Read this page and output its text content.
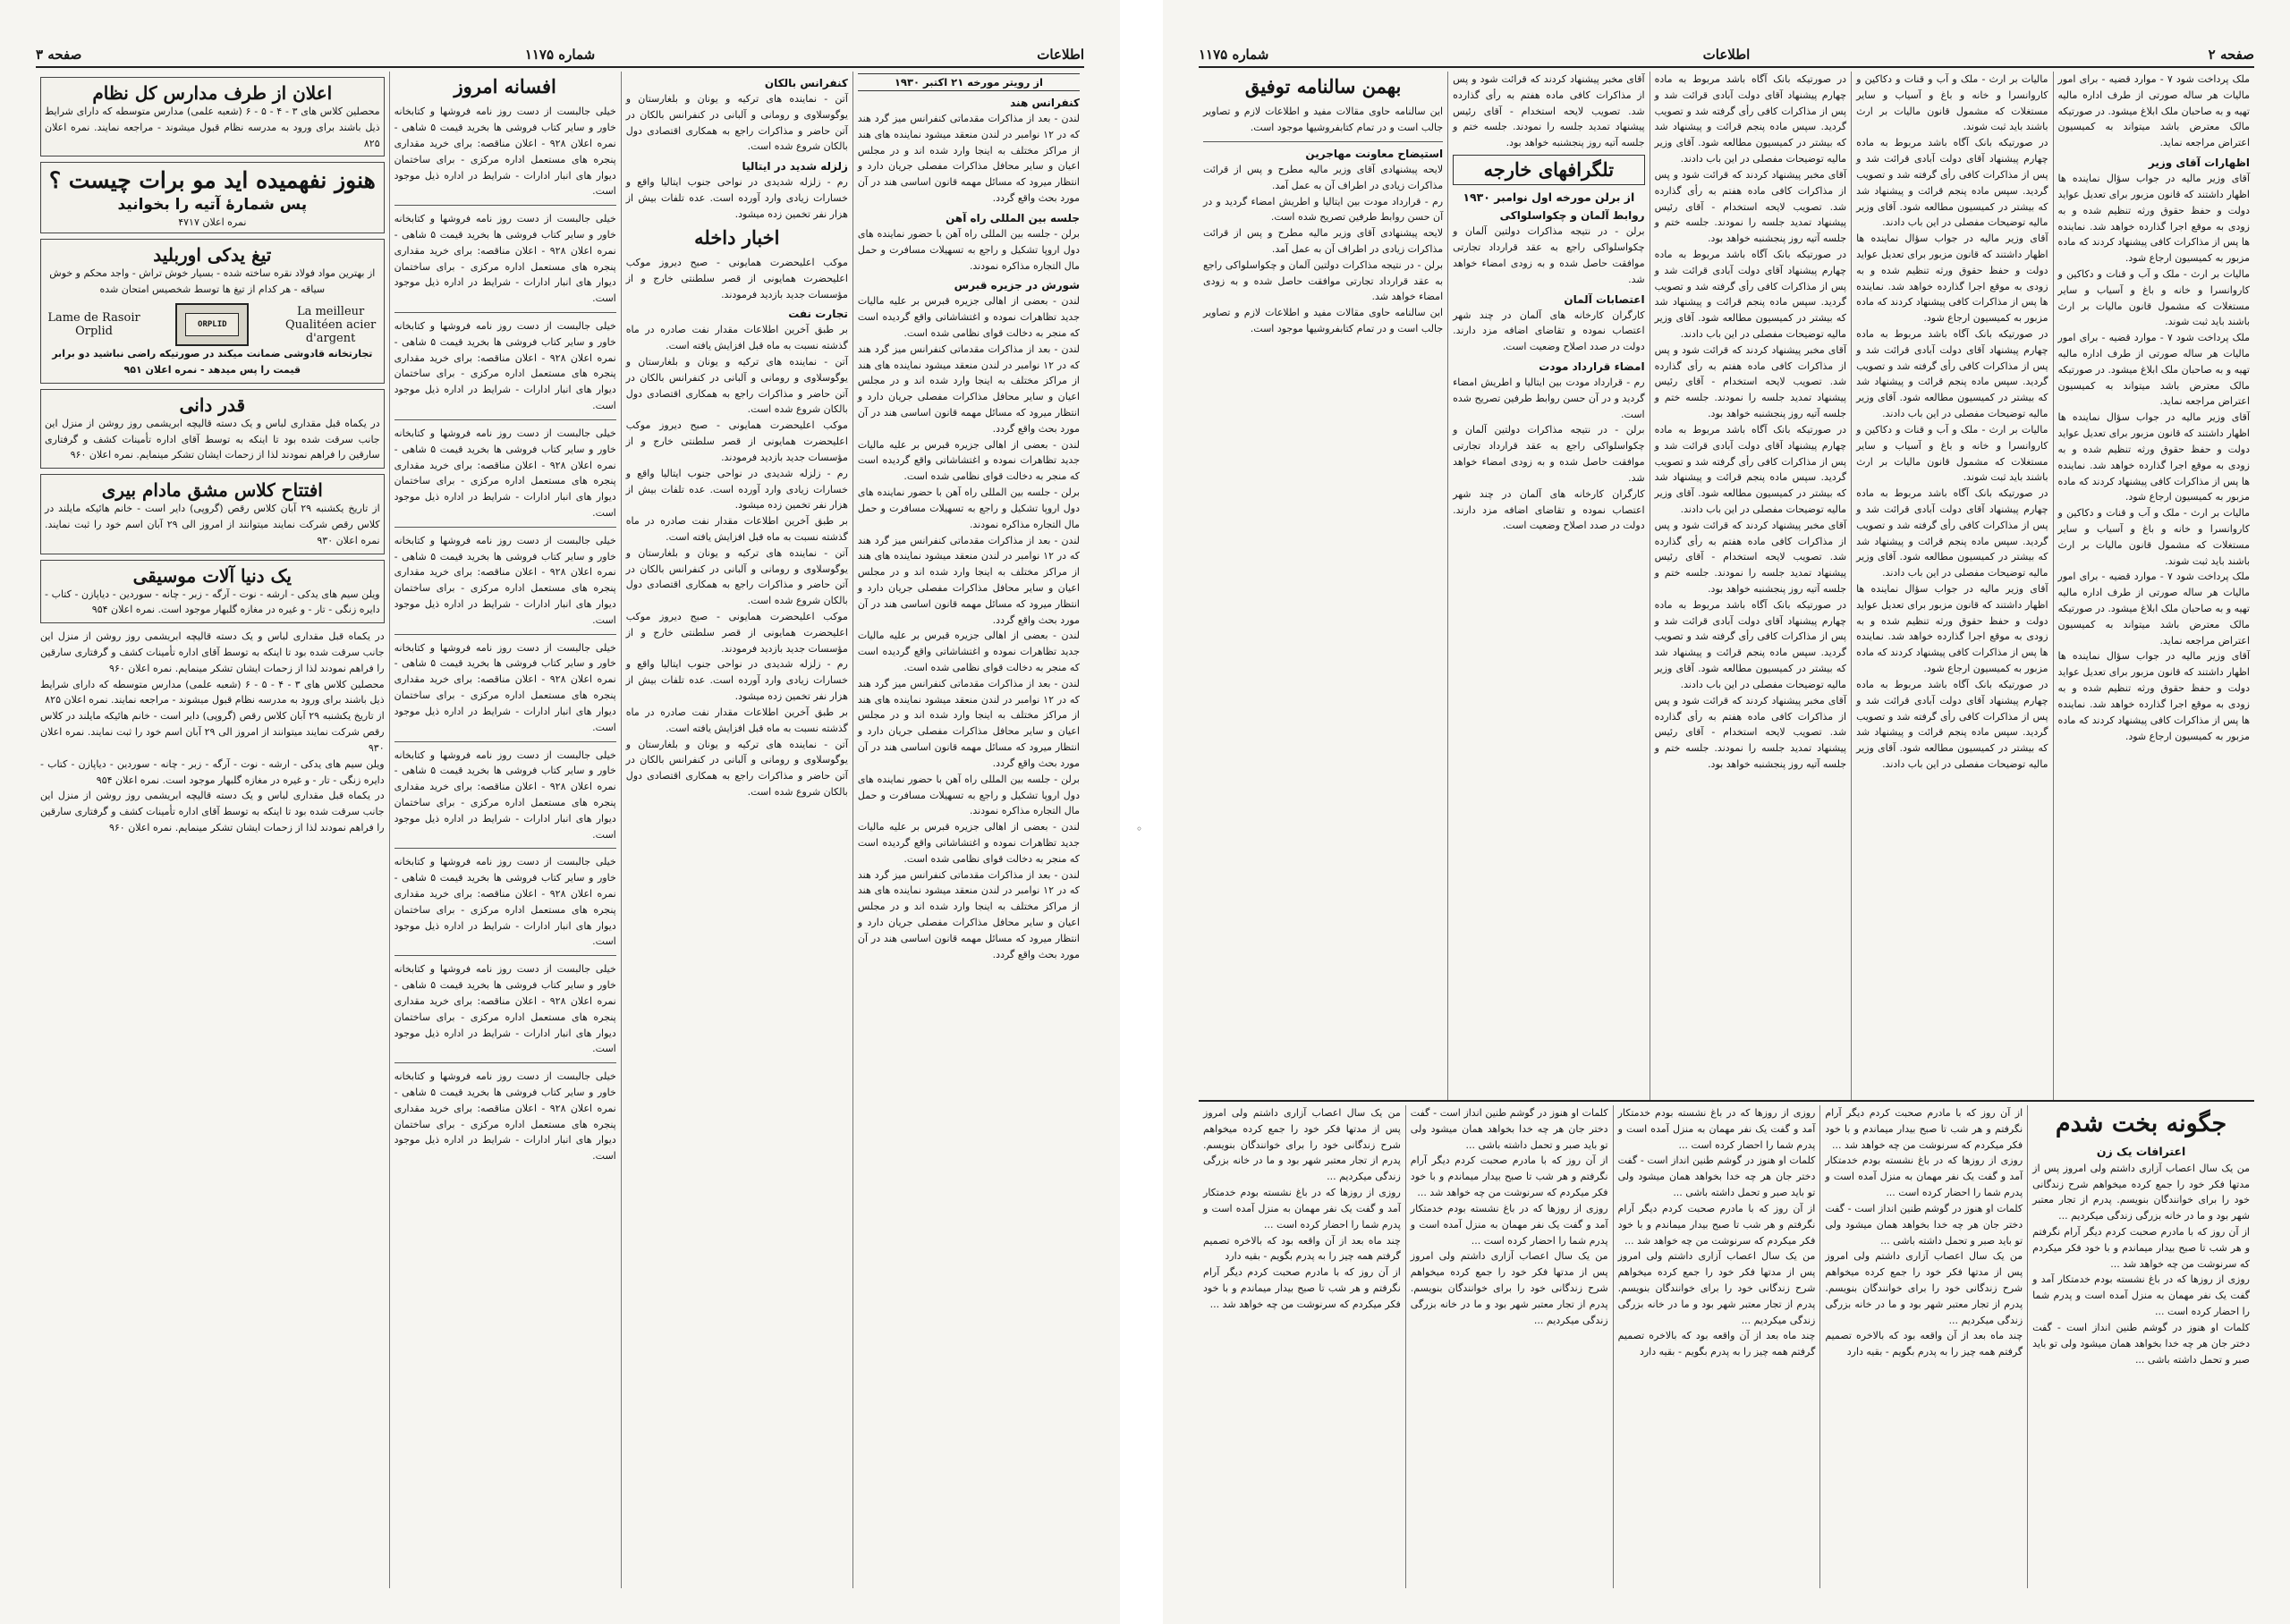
اطلاعات
شماره ۱۱۷۵
صفحه ۳
از رویتر مورخه ۲۱ اکتبر ۱۹۳۰
کنفرانس هند

لندن - بعد از مذاکرات مقدماتی کنفرانس میز گرد هند که در ۱۲ نوامبر در لندن منعقد میشود نماینده های هند از مراکز مختلف به اینجا وارد شده اند و در مجلس اعیان و سایر محافل مذاکرات مفصلی جریان دارد و انتظار میرود که مسائل مهمه قانون اساسی هند در آن مورد بحث واقع گردد.

جلسه بین المللی راه آهن

برلن - جلسه بین المللی راه آهن با حضور نماینده های دول اروپا تشکیل و راجع به تسهیلات مسافرت و حمل مال التجاره مذاکره نمودند.

شورش در جزیره قبرس

لندن - بعضی از اهالی جزیره قبرس بر علیه مالیات جدید تظاهرات نموده و اغتشاشاتی واقع گردیده است که منجر به دخالت قوای نظامی شده است.

لندن - بعد از مذاکرات مقدماتی کنفرانس میز گرد هند که در ۱۲ نوامبر در لندن منعقد میشود نماینده های هند از مراکز مختلف به اینجا وارد شده اند و در مجلس اعیان و سایر محافل مذاکرات مفصلی جریان دارد و انتظار میرود که مسائل مهمه قانون اساسی هند در آن مورد بحث واقع گردد.

لندن - بعضی از اهالی جزیره قبرس بر علیه مالیات جدید تظاهرات نموده و اغتشاشاتی واقع گردیده است که منجر به دخالت قوای نظامی شده است.

برلن - جلسه بین المللی راه آهن با حضور نماینده های دول اروپا تشکیل و راجع به تسهیلات مسافرت و حمل مال التجاره مذاکره نمودند.

لندن - بعد از مذاکرات مقدماتی کنفرانس میز گرد هند که در ۱۲ نوامبر در لندن منعقد میشود نماینده های هند از مراکز مختلف به اینجا وارد شده اند و در مجلس اعیان و سایر محافل مذاکرات مفصلی جریان دارد و انتظار میرود که مسائل مهمه قانون اساسی هند در آن مورد بحث واقع گردد.

لندن - بعضی از اهالی جزیره قبرس بر علیه مالیات جدید تظاهرات نموده و اغتشاشاتی واقع گردیده است که منجر به دخالت قوای نظامی شده است.

لندن - بعد از مذاکرات مقدماتی کنفرانس میز گرد هند که در ۱۲ نوامبر در لندن منعقد میشود نماینده های هند از مراکز مختلف به اینجا وارد شده اند و در مجلس اعیان و سایر محافل مذاکرات مفصلی جریان دارد و انتظار میرود که مسائل مهمه قانون اساسی هند در آن مورد بحث واقع گردد.

برلن - جلسه بین المللی راه آهن با حضور نماینده های دول اروپا تشکیل و راجع به تسهیلات مسافرت و حمل مال التجاره مذاکره نمودند.

لندن - بعضی از اهالی جزیره قبرس بر علیه مالیات جدید تظاهرات نموده و اغتشاشاتی واقع گردیده است که منجر به دخالت قوای نظامی شده است.

لندن - بعد از مذاکرات مقدماتی کنفرانس میز گرد هند که در ۱۲ نوامبر در لندن منعقد میشود نماینده های هند از مراکز مختلف به اینجا وارد شده اند و در مجلس اعیان و سایر محافل مذاکرات مفصلی جریان دارد و انتظار میرود که مسائل مهمه قانون اساسی هند در آن مورد بحث واقع گردد.

کنفرانس بالکان

آتن - نماینده های ترکیه و یونان و بلغارستان و یوگوسلاوی و رومانی و آلبانی در کنفرانس بالکان در آتن حاضر و مذاکرات راجع به همکاری اقتصادی دول بالکان شروع شده است.

زلزله شدید در ایتالیا

رم - زلزله شدیدی در نواحی جنوب ایتالیا واقع و خسارات زیادی وارد آورده است. عده تلفات بیش از هزار نفر تخمین زده میشود.

اخبار داخله

موکب اعلیحضرت همایونی - صبح دیروز موکب اعلیحضرت همایونی از قصر سلطنتی خارج و از مؤسسات جدید بازدید فرمودند.

تجارت نفت

بر طبق آخرین اطلاعات مقدار نفت صادره در ماه گذشته نسبت به ماه قبل افزایش یافته است.

آتن - نماینده های ترکیه و یونان و بلغارستان و یوگوسلاوی و رومانی و آلبانی در کنفرانس بالکان در آتن حاضر و مذاکرات راجع به همکاری اقتصادی دول بالکان شروع شده است.

موکب اعلیحضرت همایونی - صبح دیروز موکب اعلیحضرت همایونی از قصر سلطنتی خارج و از مؤسسات جدید بازدید فرمودند.

رم - زلزله شدیدی در نواحی جنوب ایتالیا واقع و خسارات زیادی وارد آورده است. عده تلفات بیش از هزار نفر تخمین زده میشود.

بر طبق آخرین اطلاعات مقدار نفت صادره در ماه گذشته نسبت به ماه قبل افزایش یافته است.

آتن - نماینده های ترکیه و یونان و بلغارستان و یوگوسلاوی و رومانی و آلبانی در کنفرانس بالکان در آتن حاضر و مذاکرات راجع به همکاری اقتصادی دول بالکان شروع شده است.

موکب اعلیحضرت همایونی - صبح دیروز موکب اعلیحضرت همایونی از قصر سلطنتی خارج و از مؤسسات جدید بازدید فرمودند.

رم - زلزله شدیدی در نواحی جنوب ایتالیا واقع و خسارات زیادی وارد آورده است. عده تلفات بیش از هزار نفر تخمین زده میشود.

بر طبق آخرین اطلاعات مقدار نفت صادره در ماه گذشته نسبت به ماه قبل افزایش یافته است.

آتن - نماینده های ترکیه و یونان و بلغارستان و یوگوسلاوی و رومانی و آلبانی در کنفرانس بالکان در آتن حاضر و مذاکرات راجع به همکاری اقتصادی دول بالکان شروع شده است.

افسانه امروز

خیلی جالبست از دست روز نامه فروشها و کتابخانه خاور و سایر کتاب فروشی ها بخرید قیمت ۵ شاهی - نمره اعلان ۹۲۸ - اعلان مناقصه: برای خرید مقداری پنجره های مستعمل اداره مرکزی - برای ساختمان دیوار های انبار ادارات - شرایط در اداره ذیل موجود است.

خیلی جالبست از دست روز نامه فروشها و کتابخانه خاور و سایر کتاب فروشی ها بخرید قیمت ۵ شاهی - نمره اعلان ۹۲۸ - اعلان مناقصه: برای خرید مقداری پنجره های مستعمل اداره مرکزی - برای ساختمان دیوار های انبار ادارات - شرایط در اداره ذیل موجود است.

خیلی جالبست از دست روز نامه فروشها و کتابخانه خاور و سایر کتاب فروشی ها بخرید قیمت ۵ شاهی - نمره اعلان ۹۲۸ - اعلان مناقصه: برای خرید مقداری پنجره های مستعمل اداره مرکزی - برای ساختمان دیوار های انبار ادارات - شرایط در اداره ذیل موجود است.

خیلی جالبست از دست روز نامه فروشها و کتابخانه خاور و سایر کتاب فروشی ها بخرید قیمت ۵ شاهی - نمره اعلان ۹۲۸ - اعلان مناقصه: برای خرید مقداری پنجره های مستعمل اداره مرکزی - برای ساختمان دیوار های انبار ادارات - شرایط در اداره ذیل موجود است.

خیلی جالبست از دست روز نامه فروشها و کتابخانه خاور و سایر کتاب فروشی ها بخرید قیمت ۵ شاهی - نمره اعلان ۹۲۸ - اعلان مناقصه: برای خرید مقداری پنجره های مستعمل اداره مرکزی - برای ساختمان دیوار های انبار ادارات - شرایط در اداره ذیل موجود است.

خیلی جالبست از دست روز نامه فروشها و کتابخانه خاور و سایر کتاب فروشی ها بخرید قیمت ۵ شاهی - نمره اعلان ۹۲۸ - اعلان مناقصه: برای خرید مقداری پنجره های مستعمل اداره مرکزی - برای ساختمان دیوار های انبار ادارات - شرایط در اداره ذیل موجود است.

خیلی جالبست از دست روز نامه فروشها و کتابخانه خاور و سایر کتاب فروشی ها بخرید قیمت ۵ شاهی - نمره اعلان ۹۲۸ - اعلان مناقصه: برای خرید مقداری پنجره های مستعمل اداره مرکزی - برای ساختمان دیوار های انبار ادارات - شرایط در اداره ذیل موجود است.

خیلی جالبست از دست روز نامه فروشها و کتابخانه خاور و سایر کتاب فروشی ها بخرید قیمت ۵ شاهی - نمره اعلان ۹۲۸ - اعلان مناقصه: برای خرید مقداری پنجره های مستعمل اداره مرکزی - برای ساختمان دیوار های انبار ادارات - شرایط در اداره ذیل موجود است.

خیلی جالبست از دست روز نامه فروشها و کتابخانه خاور و سایر کتاب فروشی ها بخرید قیمت ۵ شاهی - نمره اعلان ۹۲۸ - اعلان مناقصه: برای خرید مقداری پنجره های مستعمل اداره مرکزی - برای ساختمان دیوار های انبار ادارات - شرایط در اداره ذیل موجود است.

خیلی جالبست از دست روز نامه فروشها و کتابخانه خاور و سایر کتاب فروشی ها بخرید قیمت ۵ شاهی - نمره اعلان ۹۲۸ - اعلان مناقصه: برای خرید مقداری پنجره های مستعمل اداره مرکزی - برای ساختمان دیوار های انبار ادارات - شرایط در اداره ذیل موجود است.

اعلان از طرف مدارس کل نظام

محصلین کلاس های ۳ - ۴ - ۵ - ۶ (شعبه علمی) مدارس متوسطه که دارای شرایط ذیل باشند برای ورود به مدرسه نظام قبول میشوند - مراجعه نمایند. نمره اعلان ۸۲۵

هنوز نفهمیده اید مو برات چیست ؟
پس شمارهٔ آتیه را بخوانید
نمره اعلان ۴۷۱۷
تیغ یدکی اوربلید

از بهترین مواد فولاد نقره ساخته شده - بسیار خوش تراش - واجد محکم و خوش سیاقه - هر کدام از تیغ ها توسط شخصیس امتحان شده

Lame de Rasoir Orplid	ORPLID
La meilleur Qualitéen acier d'argent

تجارتخانه قادوشی ضمانت میکند در صورتیکه راضی نباشید دو برابر قیمت را پس میدهد - نمره اعلان ۹۵۱

قدر دانی

در یکماه قبل مقداری لباس و یک دسته قالیچه ابریشمی روز روشن از منزل این جانب سرقت شده بود تا اینکه به توسط آقای اداره تأمینات کشف و گرفتاری سارقین را فراهم نمودند لذا از زحمات ایشان تشکر مینمایم. نمره اعلان ۹۶۰

افتتاح کلاس مشق مادام بیری

از تاریخ یکشنبه ۲۹ آبان کلاس رقص (گروپی) دایر است - خانم هائیکه مایلند در کلاس رقص شرکت نمایند میتوانند از امروز الی ۲۹ آبان اسم خود را ثبت نمایند. نمره اعلان ۹۳۰

یک دنیا آلات موسیقی

ویلن سیم های یدکی - ارشه - نوت - آرگه - زبر - چانه - سوردین - دیاپازن - کتاب - دایره زنگی - تار - و غیره در مغازه گلبهار موجود است. نمره اعلان ۹۵۴

در یکماه قبل مقداری لباس و یک دسته قالیچه ابریشمی روز روشن از منزل این جانب سرقت شده بود تا اینکه به توسط آقای اداره تأمینات کشف و گرفتاری سارقین را فراهم نمودند لذا از زحمات ایشان تشکر مینمایم. نمره اعلان ۹۶۰

محصلین کلاس های ۳ - ۴ - ۵ - ۶ (شعبه علمی) مدارس متوسطه که دارای شرایط ذیل باشند برای ورود به مدرسه نظام قبول میشوند - مراجعه نمایند. نمره اعلان ۸۲۵

از تاریخ یکشنبه ۲۹ آبان کلاس رقص (گروپی) دایر است - خانم هائیکه مایلند در کلاس رقص شرکت نمایند میتوانند از امروز الی ۲۹ آبان اسم خود را ثبت نمایند. نمره اعلان ۹۳۰

ویلن سیم های یدکی - ارشه - نوت - آرگه - زبر - چانه - سوردین - دیاپازن - کتاب - دایره زنگی - تار - و غیره در مغازه گلبهار موجود است. نمره اعلان ۹۵۴

در یکماه قبل مقداری لباس و یک دسته قالیچه ابریشمی روز روشن از منزل این جانب سرقت شده بود تا اینکه به توسط آقای اداره تأمینات کشف و گرفتاری سارقین را فراهم نمودند لذا از زحمات ایشان تشکر مینمایم. نمره اعلان ۹۶۰	◦
صفحه ۲
اطلاعات
شماره ۱۱۷۵

ملک پرداخت شود ۷ - موارد قضیه - برای امور مالیات هر ساله صورتی از طرف اداره مالیه تهیه و به صاحبان ملک ابلاغ میشود. در صورتیکه مالک معترض باشد میتواند به کمیسیون اعتراض مراجعه نماید.

اظهارات آقای وزیر

آقای وزیر مالیه در جواب سؤال نماینده ها اظهار داشتند که قانون مزبور برای تعدیل عواید دولت و حفظ حقوق ورثه تنظیم شده و به زودی به موقع اجرا گذارده خواهد شد. نماینده ها پس از مذاکرات کافی پیشنهاد کردند که ماده مزبور به کمیسیون ارجاع شود.

مالیات بر ارث - ملک و آب و قنات و دکاکین و کاروانسرا و خانه و باغ و آسیاب و سایر مستغلات که مشمول قانون مالیات بر ارث باشند باید ثبت شوند.

ملک پرداخت شود ۷ - موارد قضیه - برای امور مالیات هر ساله صورتی از طرف اداره مالیه تهیه و به صاحبان ملک ابلاغ میشود. در صورتیکه مالک معترض باشد میتواند به کمیسیون اعتراض مراجعه نماید.

آقای وزیر مالیه در جواب سؤال نماینده ها اظهار داشتند که قانون مزبور برای تعدیل عواید دولت و حفظ حقوق ورثه تنظیم شده و به زودی به موقع اجرا گذارده خواهد شد. نماینده ها پس از مذاکرات کافی پیشنهاد کردند که ماده مزبور به کمیسیون ارجاع شود.

مالیات بر ارث - ملک و آب و قنات و دکاکین و کاروانسرا و خانه و باغ و آسیاب و سایر مستغلات که مشمول قانون مالیات بر ارث باشند باید ثبت شوند.

ملک پرداخت شود ۷ - موارد قضیه - برای امور مالیات هر ساله صورتی از طرف اداره مالیه تهیه و به صاحبان ملک ابلاغ میشود. در صورتیکه مالک معترض باشد میتواند به کمیسیون اعتراض مراجعه نماید.

آقای وزیر مالیه در جواب سؤال نماینده ها اظهار داشتند که قانون مزبور برای تعدیل عواید دولت و حفظ حقوق ورثه تنظیم شده و به زودی به موقع اجرا گذارده خواهد شد. نماینده ها پس از مذاکرات کافی پیشنهاد کردند که ماده مزبور به کمیسیون ارجاع شود.

مالیات بر ارث - ملک و آب و قنات و دکاکین و کاروانسرا و خانه و باغ و آسیاب و سایر مستغلات که مشمول قانون مالیات بر ارث باشند باید ثبت شوند.

در صورتیکه بانک آگاه باشد مربوط به ماده چهارم پیشنهاد آقای دولت آبادی قرائت شد و پس از مذاکرات کافی رأی گرفته شد و تصویب گردید. سپس ماده پنجم قرائت و پیشنهاد شد که بیشتر در کمیسیون مطالعه شود. آقای وزیر مالیه توضیحات مفصلی در این باب دادند.

آقای وزیر مالیه در جواب سؤال نماینده ها اظهار داشتند که قانون مزبور برای تعدیل عواید دولت و حفظ حقوق ورثه تنظیم شده و به زودی به موقع اجرا گذارده خواهد شد. نماینده ها پس از مذاکرات کافی پیشنهاد کردند که ماده مزبور به کمیسیون ارجاع شود.

در صورتیکه بانک آگاه باشد مربوط به ماده چهارم پیشنهاد آقای دولت آبادی قرائت شد و پس از مذاکرات کافی رأی گرفته شد و تصویب گردید. سپس ماده پنجم قرائت و پیشنهاد شد که بیشتر در کمیسیون مطالعه شود. آقای وزیر مالیه توضیحات مفصلی در این باب دادند.

مالیات بر ارث - ملک و آب و قنات و دکاکین و کاروانسرا و خانه و باغ و آسیاب و سایر مستغلات که مشمول قانون مالیات بر ارث باشند باید ثبت شوند.

در صورتیکه بانک آگاه باشد مربوط به ماده چهارم پیشنهاد آقای دولت آبادی قرائت شد و پس از مذاکرات کافی رأی گرفته شد و تصویب گردید. سپس ماده پنجم قرائت و پیشنهاد شد که بیشتر در کمیسیون مطالعه شود. آقای وزیر مالیه توضیحات مفصلی در این باب دادند.

آقای وزیر مالیه در جواب سؤال نماینده ها اظهار داشتند که قانون مزبور برای تعدیل عواید دولت و حفظ حقوق ورثه تنظیم شده و به زودی به موقع اجرا گذارده خواهد شد. نماینده ها پس از مذاکرات کافی پیشنهاد کردند که ماده مزبور به کمیسیون ارجاع شود.

در صورتیکه بانک آگاه باشد مربوط به ماده چهارم پیشنهاد آقای دولت آبادی قرائت شد و پس از مذاکرات کافی رأی گرفته شد و تصویب گردید. سپس ماده پنجم قرائت و پیشنهاد شد که بیشتر در کمیسیون مطالعه شود. آقای وزیر مالیه توضیحات مفصلی در این باب دادند.

در صورتیکه بانک آگاه باشد مربوط به ماده چهارم پیشنهاد آقای دولت آبادی قرائت شد و پس از مذاکرات کافی رأی گرفته شد و تصویب گردید. سپس ماده پنجم قرائت و پیشنهاد شد که بیشتر در کمیسیون مطالعه شود. آقای وزیر مالیه توضیحات مفصلی در این باب دادند.

آقای مخبر پیشنهاد کردند که قرائت شود و پس از مذاکرات کافی ماده هفتم به رأی گذارده شد. تصویب لایحه استخدام - آقای رئیس پیشنهاد تمدید جلسه را نمودند. جلسه ختم و جلسه آتیه روز پنجشنبه خواهد بود.

در صورتیکه بانک آگاه باشد مربوط به ماده چهارم پیشنهاد آقای دولت آبادی قرائت شد و پس از مذاکرات کافی رأی گرفته شد و تصویب گردید. سپس ماده پنجم قرائت و پیشنهاد شد که بیشتر در کمیسیون مطالعه شود. آقای وزیر مالیه توضیحات مفصلی در این باب دادند.

آقای مخبر پیشنهاد کردند که قرائت شود و پس از مذاکرات کافی ماده هفتم به رأی گذارده شد. تصویب لایحه استخدام - آقای رئیس پیشنهاد تمدید جلسه را نمودند. جلسه ختم و جلسه آتیه روز پنجشنبه خواهد بود.

در صورتیکه بانک آگاه باشد مربوط به ماده چهارم پیشنهاد آقای دولت آبادی قرائت شد و پس از مذاکرات کافی رأی گرفته شد و تصویب گردید. سپس ماده پنجم قرائت و پیشنهاد شد که بیشتر در کمیسیون مطالعه شود. آقای وزیر مالیه توضیحات مفصلی در این باب دادند.

آقای مخبر پیشنهاد کردند که قرائت شود و پس از مذاکرات کافی ماده هفتم به رأی گذارده شد. تصویب لایحه استخدام - آقای رئیس پیشنهاد تمدید جلسه را نمودند. جلسه ختم و جلسه آتیه روز پنجشنبه خواهد بود.

در صورتیکه بانک آگاه باشد مربوط به ماده چهارم پیشنهاد آقای دولت آبادی قرائت شد و پس از مذاکرات کافی رأی گرفته شد و تصویب گردید. سپس ماده پنجم قرائت و پیشنهاد شد که بیشتر در کمیسیون مطالعه شود. آقای وزیر مالیه توضیحات مفصلی در این باب دادند.

آقای مخبر پیشنهاد کردند که قرائت شود و پس از مذاکرات کافی ماده هفتم به رأی گذارده شد. تصویب لایحه استخدام - آقای رئیس پیشنهاد تمدید جلسه را نمودند. جلسه ختم و جلسه آتیه روز پنجشنبه خواهد بود.

آقای مخبر پیشنهاد کردند که قرائت شود و پس از مذاکرات کافی ماده هفتم به رأی گذارده شد. تصویب لایحه استخدام - آقای رئیس پیشنهاد تمدید جلسه را نمودند. جلسه ختم و جلسه آتیه روز پنجشنبه خواهد بود.

تلگرافهای خارجه
از برلن مورخه اول نوامبر ۱۹۳۰
روابط آلمان و چکواسلواکی

برلن - در نتیجه مذاکرات دولتین آلمان و چکواسلواکی راجع به عقد قرارداد تجارتی موافقت حاصل شده و به زودی امضاء خواهد شد.

اعتصابات آلمان

کارگران کارخانه های آلمان در چند شهر اعتصاب نموده و تقاضای اضافه مزد دارند. دولت در صدد اصلاح وضعیت است.

امضاء قرارداد مودت

رم - قرارداد مودت بین ایتالیا و اطریش امضاء گردید و در آن حسن روابط طرفین تصریح شده است.

برلن - در نتیجه مذاکرات دولتین آلمان و چکواسلواکی راجع به عقد قرارداد تجارتی موافقت حاصل شده و به زودی امضاء خواهد شد.

کارگران کارخانه های آلمان در چند شهر اعتصاب نموده و تقاضای اضافه مزد دارند. دولت در صدد اصلاح وضعیت است.

بهمن سالنامه توفیق

این سالنامه حاوی مقالات مفید و اطلاعات لازم و تصاویر جالب است و در تمام کتابفروشیها موجود است.

استیضاح معاونت مهاجرین

لایحه پیشنهادی آقای وزیر مالیه مطرح و پس از قرائت مذاکرات زیادی در اطراف آن به عمل آمد.

رم - قرارداد مودت بین ایتالیا و اطریش امضاء گردید و در آن حسن روابط طرفین تصریح شده است.

لایحه پیشنهادی آقای وزیر مالیه مطرح و پس از قرائت مذاکرات زیادی در اطراف آن به عمل آمد.

برلن - در نتیجه مذاکرات دولتین آلمان و چکواسلواکی راجع به عقد قرارداد تجارتی موافقت حاصل شده و به زودی امضاء خواهد شد.

این سالنامه حاوی مقالات مفید و اطلاعات لازم و تصاویر جالب است و در تمام کتابفروشیها موجود است.

جگونه بخت شدم
اعترافات یک زن

من یک سال اعصاب آزاری داشتم ولی امروز پس از مدتها فکر خود را جمع کرده میخواهم شرح زندگانی خود را برای خوانندگان بنویسم. پدرم از تجار معتبر شهر بود و ما در خانه بزرگی زندگی میکردیم ...

از آن روز که با مادرم صحبت کردم دیگر آرام نگرفتم و هر شب تا صبح بیدار میماندم و با خود فکر میکردم که سرنوشت من چه خواهد شد ...

روزی از روزها که در باغ نشسته بودم خدمتکار آمد و گفت یک نفر مهمان به منزل آمده است و پدرم شما را احضار کرده است ...

کلمات او هنوز در گوشم طنین انداز است - گفت دختر جان هر چه خدا بخواهد همان میشود ولی تو باید صبر و تحمل داشته باشی ...

از آن روز که با مادرم صحبت کردم دیگر آرام نگرفتم و هر شب تا صبح بیدار میماندم و با خود فکر میکردم که سرنوشت من چه خواهد شد ...

روزی از روزها که در باغ نشسته بودم خدمتکار آمد و گفت یک نفر مهمان به منزل آمده است و پدرم شما را احضار کرده است ...

کلمات او هنوز در گوشم طنین انداز است - گفت دختر جان هر چه خدا بخواهد همان میشود ولی تو باید صبر و تحمل داشته باشی ...

من یک سال اعصاب آزاری داشتم ولی امروز پس از مدتها فکر خود را جمع کرده میخواهم شرح زندگانی خود را برای خوانندگان بنویسم. پدرم از تجار معتبر شهر بود و ما در خانه بزرگی زندگی میکردیم ...

چند ماه بعد از آن واقعه بود که بالاخره تصمیم گرفتم همه چیز را به پدرم بگویم - بقیه دارد

روزی از روزها که در باغ نشسته بودم خدمتکار آمد و گفت یک نفر مهمان به منزل آمده است و پدرم شما را احضار کرده است ...

کلمات او هنوز در گوشم طنین انداز است - گفت دختر جان هر چه خدا بخواهد همان میشود ولی تو باید صبر و تحمل داشته باشی ...

از آن روز که با مادرم صحبت کردم دیگر آرام نگرفتم و هر شب تا صبح بیدار میماندم و با خود فکر میکردم که سرنوشت من چه خواهد شد ...

من یک سال اعصاب آزاری داشتم ولی امروز پس از مدتها فکر خود را جمع کرده میخواهم شرح زندگانی خود را برای خوانندگان بنویسم. پدرم از تجار معتبر شهر بود و ما در خانه بزرگی زندگی میکردیم ...

چند ماه بعد از آن واقعه بود که بالاخره تصمیم گرفتم همه چیز را به پدرم بگویم - بقیه دارد

کلمات او هنوز در گوشم طنین انداز است - گفت دختر جان هر چه خدا بخواهد همان میشود ولی تو باید صبر و تحمل داشته باشی ...

از آن روز که با مادرم صحبت کردم دیگر آرام نگرفتم و هر شب تا صبح بیدار میماندم و با خود فکر میکردم که سرنوشت من چه خواهد شد ...

روزی از روزها که در باغ نشسته بودم خدمتکار آمد و گفت یک نفر مهمان به منزل آمده است و پدرم شما را احضار کرده است ...

من یک سال اعصاب آزاری داشتم ولی امروز پس از مدتها فکر خود را جمع کرده میخواهم شرح زندگانی خود را برای خوانندگان بنویسم. پدرم از تجار معتبر شهر بود و ما در خانه بزرگی زندگی میکردیم ...

من یک سال اعصاب آزاری داشتم ولی امروز پس از مدتها فکر خود را جمع کرده میخواهم شرح زندگانی خود را برای خوانندگان بنویسم. پدرم از تجار معتبر شهر بود و ما در خانه بزرگی زندگی میکردیم ...

روزی از روزها که در باغ نشسته بودم خدمتکار آمد و گفت یک نفر مهمان به منزل آمده است و پدرم شما را احضار کرده است ...

چند ماه بعد از آن واقعه بود که بالاخره تصمیم گرفتم همه چیز را به پدرم بگویم - بقیه دارد

از آن روز که با مادرم صحبت کردم دیگر آرام نگرفتم و هر شب تا صبح بیدار میماندم و با خود فکر میکردم که سرنوشت من چه خواهد شد ...
